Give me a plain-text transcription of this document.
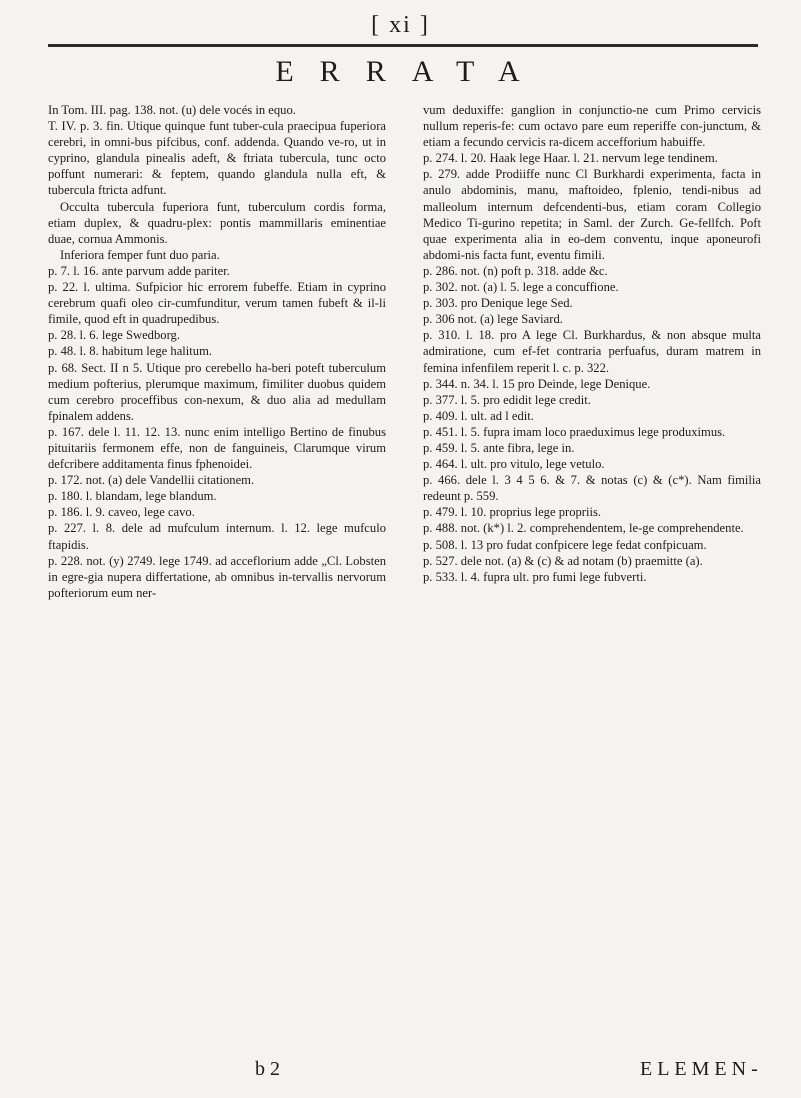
[ xi ]
ERRATA

In Tom. III. pag. 138. not. (u) dele vocés in equo.

T. IV. p. 3. fin. Utique quinque funt tuber-cula praecipua fuperiora cerebri, in omni-bus pifcibus, conf. addenda. Quando ve-ro, ut in cyprino, glandula pinealis adeft, & ftriata tubercula, tunc octo poffunt numerari: & feptem, quando glandula nulla eft, & tubercula ftricta adfunt.

Occulta tubercula fuperiora funt, tuberculum cordis forma, etiam duplex, & quadru-plex: pontis mammillaris eminentiae duae, cornua Ammonis.

Inferiora femper funt duo paria.

p. 7. l. 16. ante parvum adde pariter.

p. 22. l. ultima. Sufpicior hic errorem fubeffe. Etiam in cyprino cerebrum quafi oleo cir-cumfunditur, verum tamen fubeft & il-li fimile, quod eft in quadrupedibus.

p. 28. l. 6. lege Swedborg.

p. 48. l. 8. habitum lege halitum.

p. 68. Sect. II n 5. Utique pro cerebello ha-beri poteft tuberculum medium pofterius, plerumque maximum, fimiliter duobus quidem cum cerebro proceffibus con-nexum, & duo alia ad medullam fpinalem addens.

p. 167. dele l. 11. 12. 13. nunc enim intelligo Bertino de finubus pituitariis fermonem effe, non de fanguineis, Clarumque virum defcribere additamenta finus fphenoidei.

p. 172. not. (a) dele Vandellii citationem.

p. 180. l. blandam, lege blandum.

p. 186. l. 9. caveo, lege cavo.

p. 227. l. 8. dele ad mufculum internum. l. 12. lege mufculo ftapidis.

p. 228. not. (y) 2749. lege 1749. ad acceflorium adde „Cl. Lobsten in egre-gia nupera differtatione, ab omnibus in-tervallis nervorum pofteriorum eum ner-

vum deduxiffe: ganglion in conjunctio-ne cum Primo cervicis nullum reperis-fe: cum octavo pare eum reperiffe con-junctum, & etiam a fecundo cervicis ra-dicem accefforium habuiffe.

p. 274. l. 20. Haak lege Haar. l. 21. nervum lege tendinem.

p. 279. adde Prodiiffe nunc Cl Burkhardi experimenta, facta in anulo abdominis, manu, maftoideo, fplenio, tendi-nibus ad malleolum internum defcendenti-bus, etiam coram Collegio Medico Ti-gurino repetita; in Saml. der Zurch. Ge-fellfch. Poft quae experimenta alia in eo-dem conventu, inque aponeurofi abdomi-nis facta funt, eventu fimili.

p. 286. not. (n) poft p. 318. adde &c.

p. 302. not. (a) l. 5. lege a concuffione.

p. 303. pro Denique lege Sed.

p. 306 not. (a) lege Saviard.

p. 310. l. 18. pro A lege Cl. Burkhardus, & non absque multa admiratione, cum ef-fet contraria perfuafus, duram matrem in femina infenfilem reperit l. c. p. 322.

p. 344. n. 34. l. 15 pro Deinde, lege Denique.

p. 377. l. 5. pro edidit lege credit.

p. 409. l. ult. ad l edit.

p. 451. l. 5. fupra imam loco praeduximus lege produximus.

p. 459. l. 5. ante fibra, lege in.

p. 464. l. ult. pro vitulo, lege vetulo.

p. 466. dele l. 3 4 5 6. & 7. & notas (c) & (c*). Nam fimilia redeunt p. 559.

p. 479. l. 10. proprius lege propriis.

p. 488. not. (k*) l. 2. comprehendentem, le-ge comprehendente.

p. 508. l. 13 pro fudat confpicere lege fedat confpicuam.

p. 527. dele not. (a) & (c) & ad notam (b) praemitte (a).

p. 533. l. 4. fupra ult. pro fumi lege fubverti.

b 2	ELEMEN-
